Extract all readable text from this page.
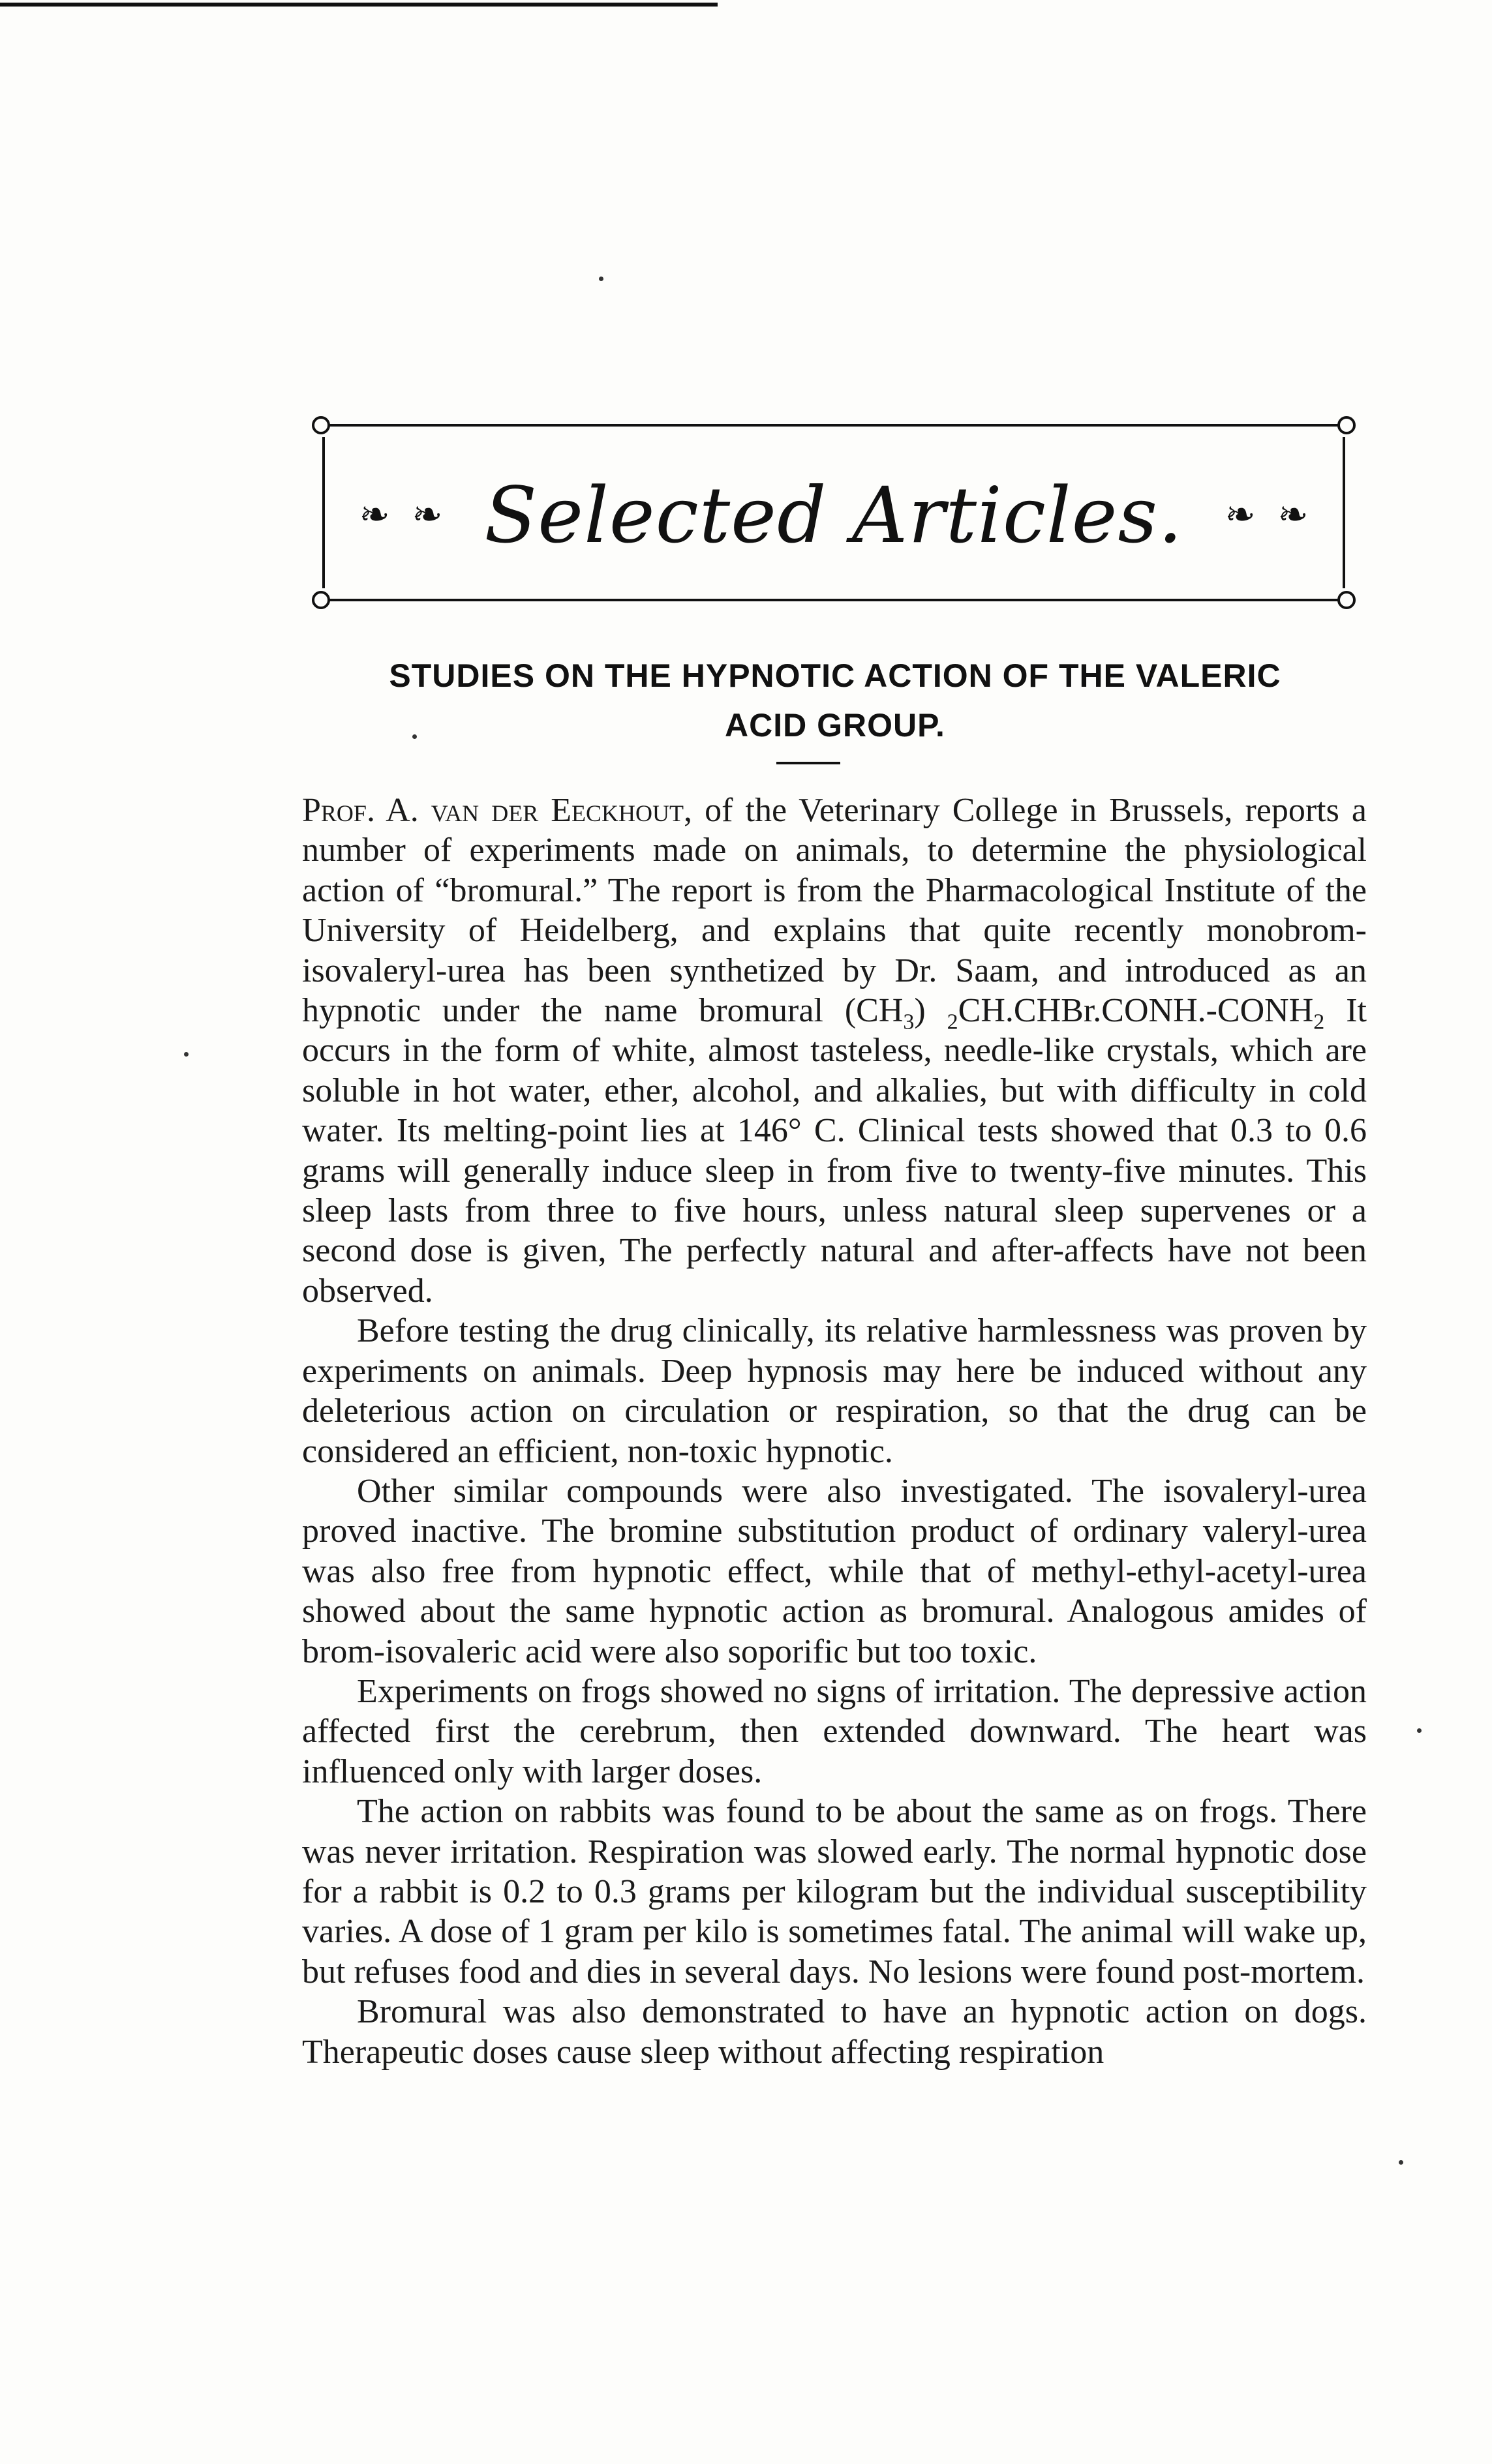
❧ ❧ Selected Articles.	❧ ❧
STUDIES ON THE HYPNOTIC ACTION OF THE VALERIC
ACID GROUP.

Prof. A. van der Eeckhout, of the Veterinary College in Brussels, reports a number of experiments made on animals, to determine the physiological action of “bromural.” The report is from the Pharmacological Institute of the University of Heidelberg, and explains that quite recently monobrom-isovaleryl-urea has been synthetized by Dr. Saam, and introduced as an hypnotic under the name bromural $(CH_3)$ $_2CH.CHBr.CONH.-CONH_2$ It occurs in the form of white, almost tasteless, needle-like crystals, which are soluble in hot water, ether, alcohol, and alkalies, but with difficulty in cold water. Its melting-point lies at 146° C. Clinical tests showed that 0.3 to 0.6 grams will generally induce sleep in from five to twenty-five minutes. This sleep lasts from three to five hours, unless natural sleep supervenes or a second dose is given, The perfectly natural and after-affects have not been observed.

Before testing the drug clinically, its relative harmlessness was proven by experiments on animals. Deep hypnosis may here be induced without any deleterious action on circulation or respiration, so that the drug can be considered an efficient, non-toxic hypnotic.

Other similar compounds were also investigated. The isovaleryl-urea proved inactive. The bromine substitution product of ordinary valeryl-urea was also free from hypnotic effect, while that of methyl-ethyl-acetyl-urea showed about the same hypnotic action as bromural. Analogous amides of brom-isovaleric acid were also soporific but too toxic.

Experiments on frogs showed no signs of irritation. The depressive action affected first the cerebrum, then extended downward. The heart was influenced only with larger doses.

The action on rabbits was found to be about the same as on frogs. There was never irritation. Respiration was slowed early. The normal hypnotic dose for a rabbit is 0.2 to 0.3 grams per kilogram but the individual susceptibility varies. A dose of 1 gram per kilo is sometimes fatal. The animal will wake up, but refuses food and dies in several days. No lesions were found post-mortem.

Bromural was also demonstrated to have an hypnotic action on dogs. Therapeutic doses cause sleep without affecting respiration
